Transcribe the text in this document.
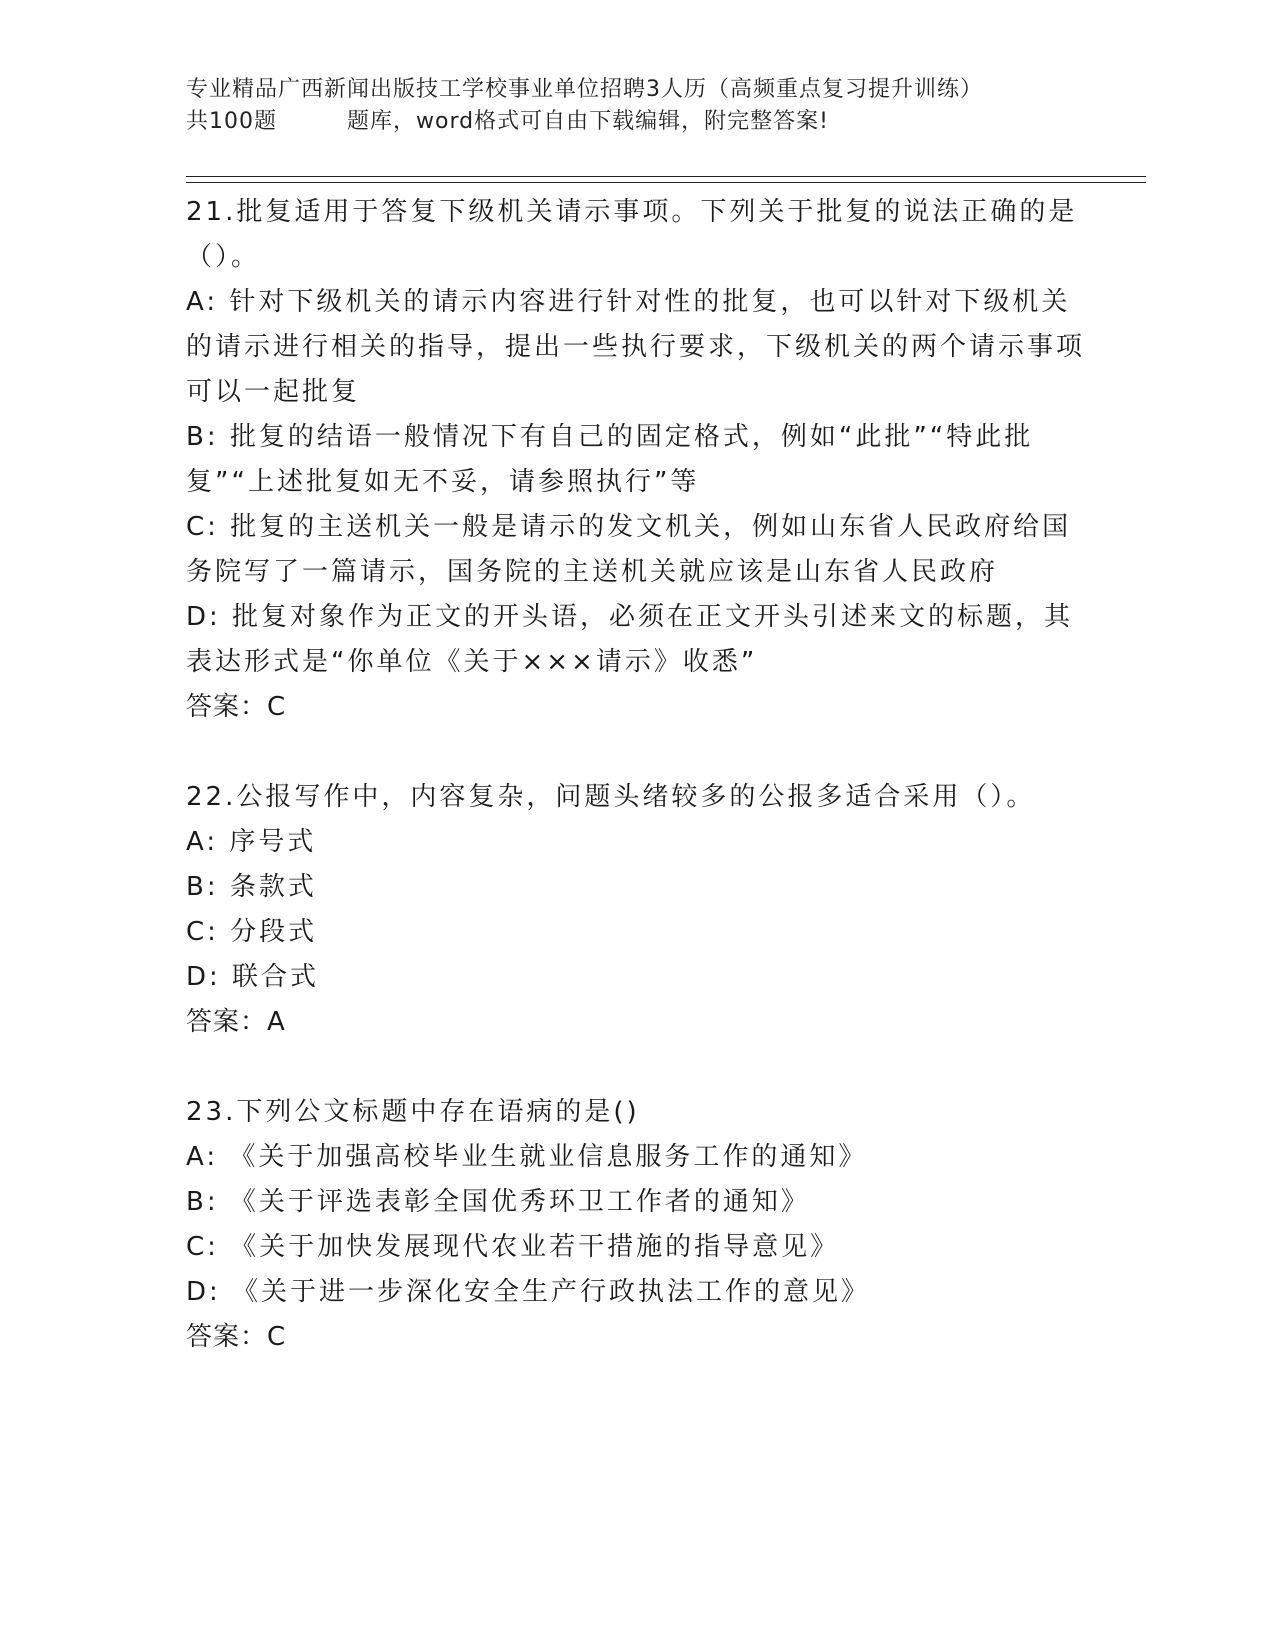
专业精品广西新闻出版技工学校事业单位招聘3人历（高频重点复习提升训练）
共100题	题库，word格式可自由下载编辑，附完整答案!

21.批复适用于答复下级机关请示事项。下列关于批复的说法正确的是（）。

A: 针对下级机关的请示内容进行针对性的批复，也可以针对下级机关的请示进行相关的指导，提出一些执行要求，下级机关的两个请示事项可以一起批复

B: 批复的结语一般情况下有自己的固定格式，例如“此批”“特此批复”“上述批复如无不妥，请参照执行”等

C: 批复的主送机关一般是请示的发文机关，例如山东省人民政府给国务院写了一篇请示，国务院的主送机关就应该是山东省人民政府

D: 批复对象作为正文的开头语，必须在正文开头引述来文的标题，其表达形式是“你单位《关于×××请示》收悉”

答案：C

22.公报写作中，内容复杂，问题头绪较多的公报多适合采用（）。

A: 序号式

B: 条款式

C: 分段式

D: 联合式

答案：A

23.下列公文标题中存在语病的是()

A: 《关于加强高校毕业生就业信息服务工作的通知》

B: 《关于评选表彰全国优秀环卫工作者的通知》

C: 《关于加快发展现代农业若干措施的指导意见》

D: 《关于进一步深化安全生产行政执法工作的意见》

答案：C
